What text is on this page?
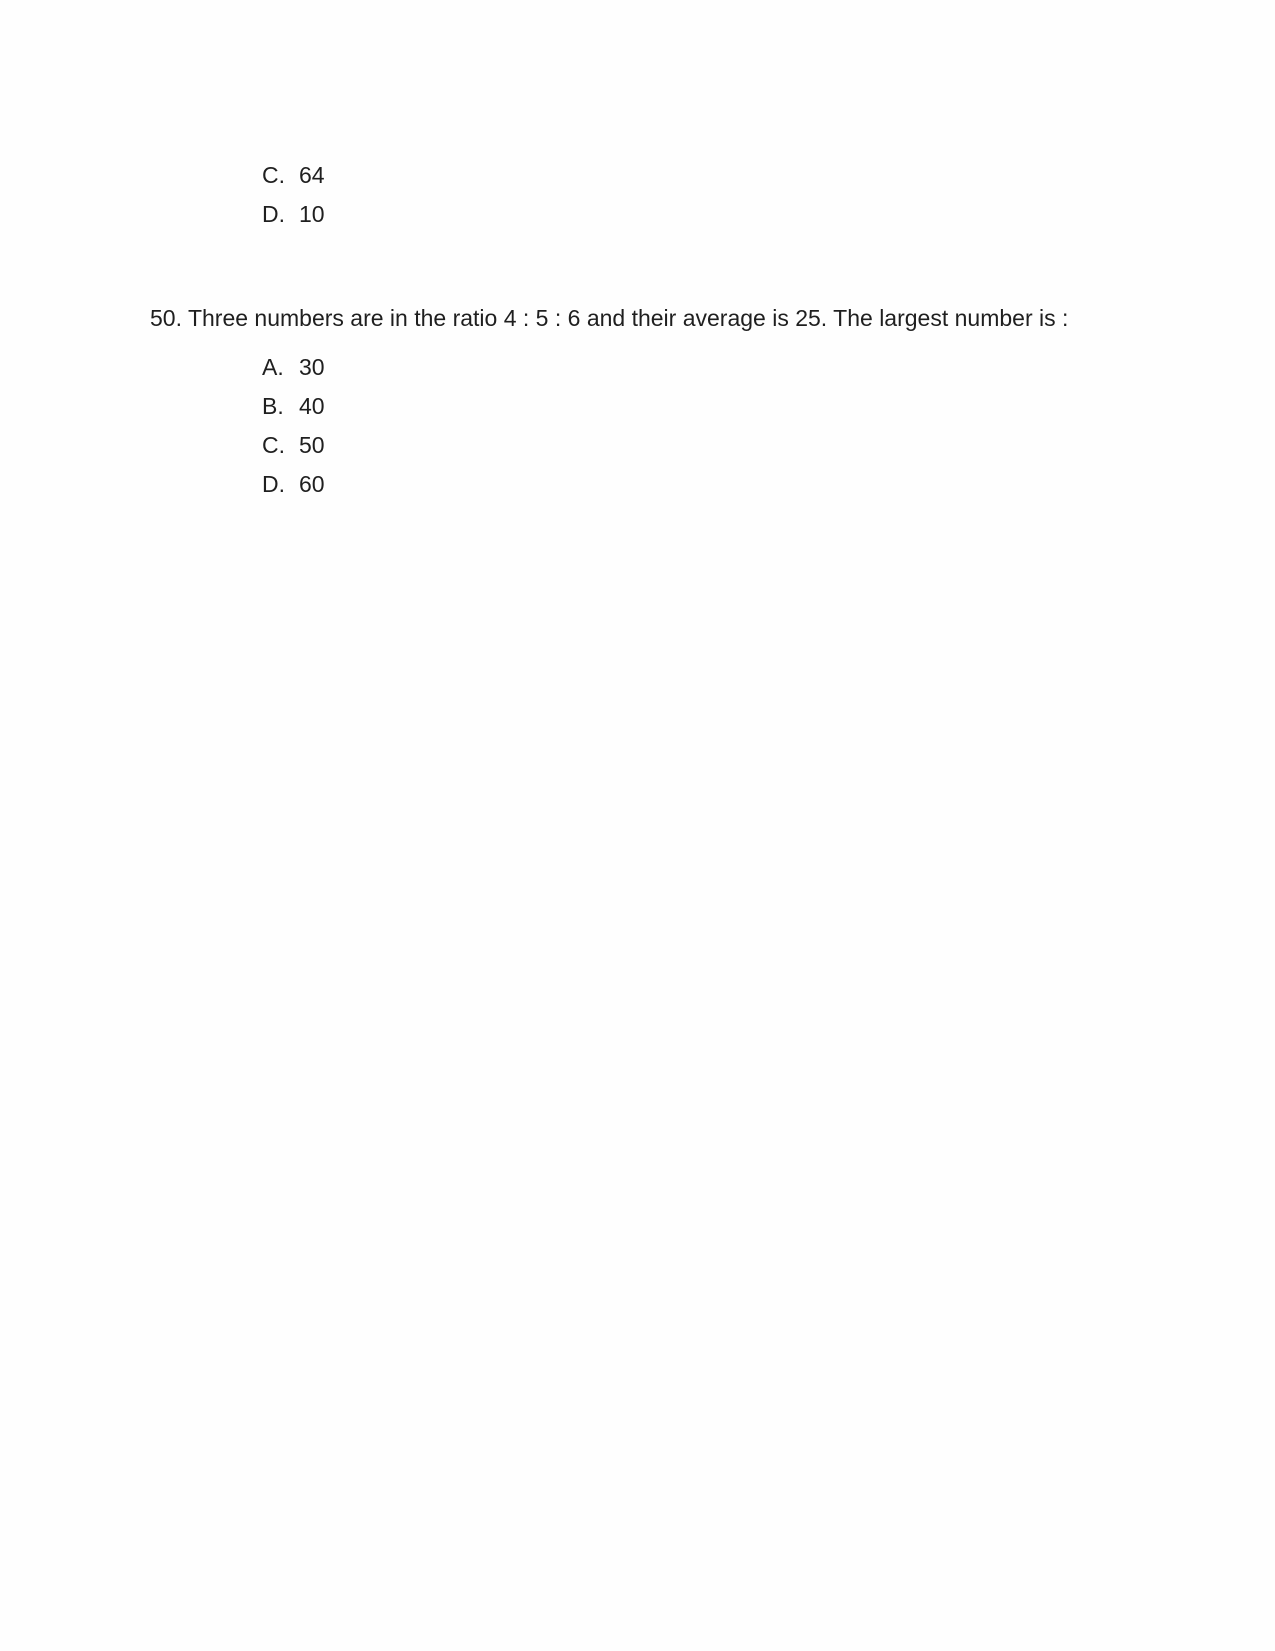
C. 64
D. 10
50. Three numbers are in the ratio 4 : 5 : 6 and their average is 25. The largest number is :
A. 30
B. 40
C. 50
D. 60
